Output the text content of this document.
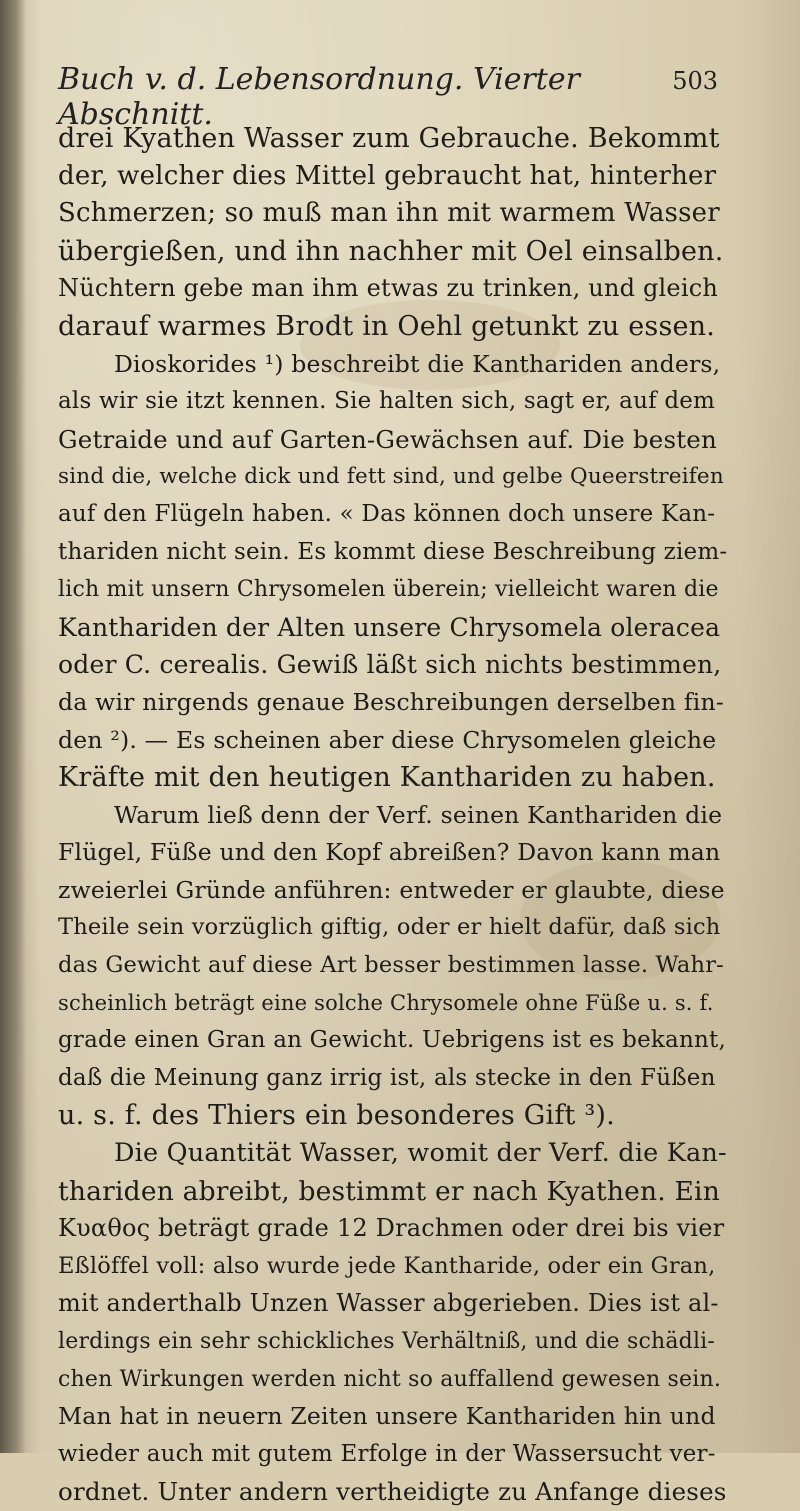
Buch v. d. Lebensordnung. Vierter Abschnitt.
503
drei Kyathen Wasser zum Gebrauche. Bekommt
der, welcher dies Mittel gebraucht hat, hinterher
Schmerzen; so muß man ihn mit warmem Wasser
übergießen, und ihn nachher mit Oel einsalben.
Nüchtern gebe man ihm etwas zu trinken, und gleich
darauf warmes Brodt in Oehl getunkt zu essen.
Dioskorides ¹) beschreibt die Kanthariden anders,
als wir sie itzt kennen. Sie halten sich, sagt er, auf dem
Getraide und auf Garten-Gewächsen auf. Die besten
sind die, welche dick und fett sind, und gelbe Queerstreifen
auf den Flügeln haben. « Das können doch unsere Kan-
thariden nicht sein. Es kommt diese Beschreibung ziem-
lich mit unsern Chrysomelen überein; vielleicht waren die
Kanthariden der Alten unsere Chrysomela oleracea
oder C. cerealis. Gewiß läßt sich nichts bestimmen,
da wir nirgends genaue Beschreibungen derselben fin-
den ²). — Es scheinen aber diese Chrysomelen gleiche
Kräfte mit den heutigen Kanthariden zu haben.
Warum ließ denn der Verf. seinen Kanthariden die
Flügel, Füße und den Kopf abreißen? Davon kann man
zweierlei Gründe anführen: entweder er glaubte, diese
Theile sein vorzüglich giftig, oder er hielt dafür, daß sich
das Gewicht auf diese Art besser bestimmen lasse. Wahr-
scheinlich beträgt eine solche Chrysomele ohne Füße u. s. f.
grade einen Gran an Gewicht. Uebrigens ist es bekannt,
daß die Meinung ganz irrig ist, als stecke in den Füßen
u. s. f. des Thiers ein besonderes Gift ³).
Die Quantität Wasser, womit der Verf. die Kan-
thariden abreibt, bestimmt er nach Kyathen. Ein
Κυαθος beträgt grade 12 Drachmen oder drei bis vier
Eßlöffel voll: also wurde jede Kantharide, oder ein Gran,
mit anderthalb Unzen Wasser abgerieben. Dies ist al-
lerdings ein sehr schickliches Verhältniß, und die schädli-
chen Wirkungen werden nicht so auffallend gewesen sein.
Man hat in neuern Zeiten unsere Kanthariden hin und
wieder auch mit gutem Erfolge in der Wassersucht ver-
ordnet. Unter andern vertheidigte zu Anfange dieses
